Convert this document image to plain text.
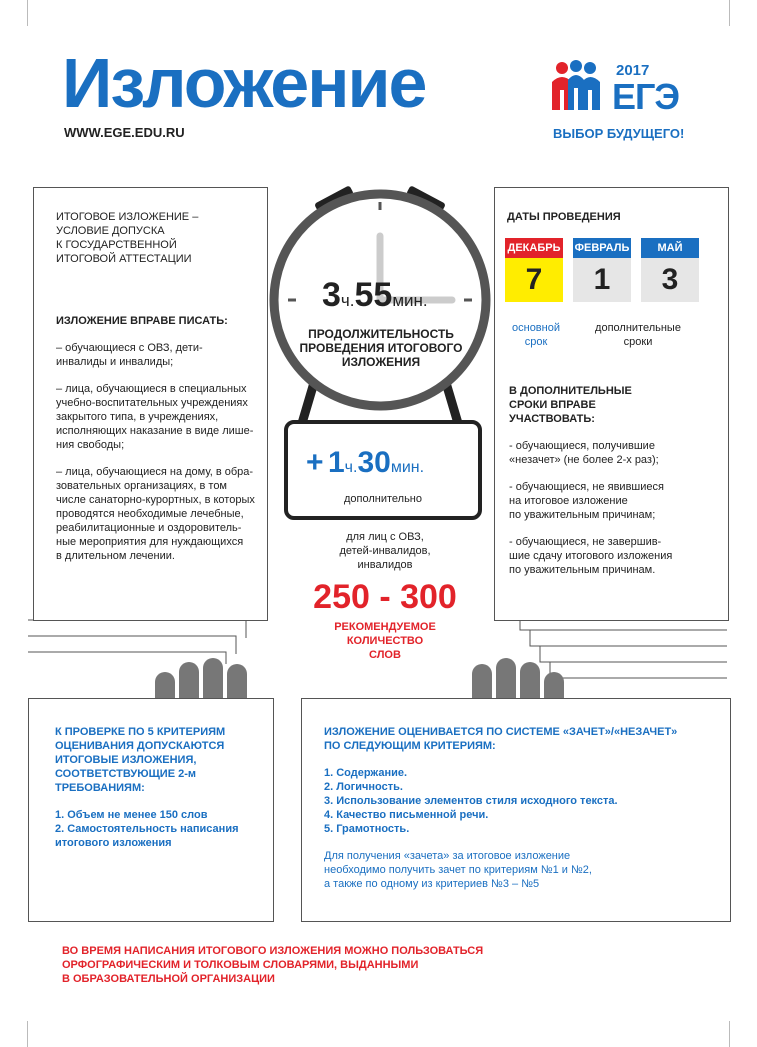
Изложение
WWW.EGE.EDU.RU
2017
ЕГЭ
ВЫБОР БУДУЩЕГО!

ИТОГОВОЕ ИЗЛОЖЕНИЕ –
УСЛОВИЕ ДОПУСКА
К ГОСУДАРСТВЕННОЙ
ИТОГОВОЙ АТТЕСТАЦИИ

ИЗЛОЖЕНИЕ ВПРАВЕ ПИСАТЬ:

– обучающиеся с ОВЗ, дети-
инвалиды и инвалиды;

– лица, обучающиеся в специальных
учебно-воспитательных учреждениях
закрытого типа, в учреждениях,
исполняющих наказание в виде лише-
ния свободы;

– лица, обучающиеся на дому, в обра-
зовательных организациях, в том
числе санаторно-курортных, в которых
проводятся необходимые лечебные,
реабилитационные и оздоровитель-
ные мероприятия для нуждающихся
в длительном лечении.

ДАТЫ ПРОВЕДЕНИЯ
ДЕКАБРЬ
7
ФЕВРАЛЬ
1
МАЙ
3
основной
срок
дополнительные
сроки

В ДОПОЛНИТЕЛЬНЫЕ
СРОКИ ВПРАВЕ
УЧАСТВОВАТЬ:

- обучающиеся, получившие
«незачет» (не более 2-х раз);

- обучающиеся, не явившиеся
на итоговое изложение
по уважительным причинам;

- обучающиеся, не завершив-
шие сдачу итогового изложения
по уважительным причинам.

3ч.55мин.
ПРОДОЛЖИТЕЛЬНОСТЬ
ПРОВЕДЕНИЯ ИТОГОВОГО
ИЗЛОЖЕНИЯ
+ 1ч.30мин.
дополнительно
для лиц с ОВЗ,
детей-инвалидов,
инвалидов
250 - 300
РЕКОМЕНДУЕМОЕ
КОЛИЧЕСТВО
СЛОВ

К ПРОВЕРКЕ ПО 5 КРИТЕРИЯМ
ОЦЕНИВАНИЯ ДОПУСКАЮТСЯ
ИТОГОВЫЕ ИЗЛОЖЕНИЯ,
СООТВЕТСТВУЮЩИЕ 2-м
ТРЕБОВАНИЯМ:

1. Объем не менее 150 слов

2. Самостоятельность написания
итогового изложения

ИЗЛОЖЕНИЕ ОЦЕНИВАЕТСЯ ПО СИСТЕМЕ «ЗАЧЕТ»/«НЕЗАЧЕТ»
ПО СЛЕДУЮЩИМ КРИТЕРИЯМ:

1. Содержание.
2. Логичность.
3. Использование элементов стиля исходного текста.
4. Качество письменной речи.
5. Грамотность.

Для получения «зачета» за итоговое изложение
необходимо получить зачет по критериям №1 и №2,
а также по одному из критериев №3 – №5

ВО ВРЕМЯ НАПИСАНИЯ ИТОГОВОГО ИЗЛОЖЕНИЯ МОЖНО ПОЛЬЗОВАТЬСЯ
ОРФОГРАФИЧЕСКИМ И ТОЛКОВЫМ СЛОВАРЯМИ, ВЫДАННЫМИ
В ОБРАЗОВАТЕЛЬНОЙ ОРГАНИЗАЦИИ
